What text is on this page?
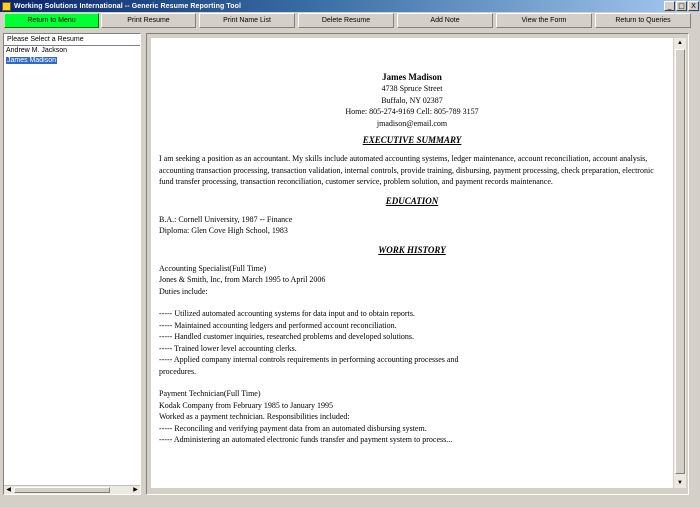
Working Solutions International -- Generic Resume Reporting Tool	_ □ X
Return to Menu	Print Resume	Print Name List	Delete Resume	Add Note	View the Form	Return to Queries
Please Select a Resume
Andrew M. Jackson
James Madison
◀	▶
James Madison
4738 Spruce Street
Buffalo, NY 02387
Home: 805-274-9169 Cell: 805-789 3157
jmadison@email.com
EXECUTIVE SUMMARY
I am seeking a position as an accountant. My skills include automated accounting systems, ledger maintenance, account reconciliation, account analysis, accounting transaction processing, transaction validation, internal controls, provide training, disbursing, payment processing, check preparation, electronic fund transfer processing, transaction reconciliation, customer service, problem solution, and payment records maintenance.
EDUCATION
B.A.: Cornell University, 1987 -- Finance
Diploma: Glen Cove High School, 1983
WORK HISTORY
Accounting Specialist(Full Time)
Jones & Smith, Inc, from March 1995 to April 2006
Duties include:
----- Utilized automated accounting systems for data input and to obtain reports.
----- Maintained accounting ledgers and performed account reconciliation.
----- Handled customer inquiries, researched problems and developed solutions.
----- Trained lower level accounting clerks.
----- Applied company internal controls requirements in performing accounting processes and procedures.
Payment Technician(Full Time)
Kodak Company from February 1985 to January 1995
Worked as a payment technician. Responsibilities included:
----- Reconciling and verifying payment data from an automated disbursing system.
----- Administering an automated electronic funds transfer and payment system to process...
▲
▼
